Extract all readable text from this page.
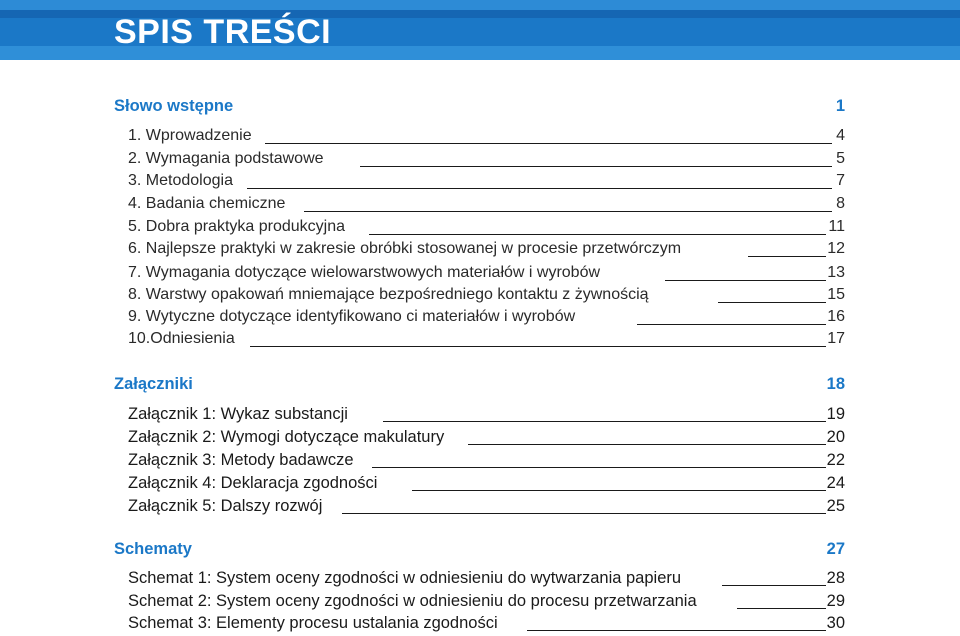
SPIS TREŚCI
Słowo wstępne	1
1. Wprowadzenie	4
2. Wymagania podstawowe	5
3. Metodologia	7
4. Badania chemiczne	8
5. Dobra praktyka produkcyjna	11
6. Najlepsze praktyki w zakresie obróbki stosowanej w procesie przetwórczym	12
7. Wymagania dotyczące wielowarstwowych materiałów i wyrobów	13
8. Warstwy opakowań mniemające bezpośredniego kontaktu z żywnością	15
9. Wytyczne dotyczące identyfikowano ci materiałów i wyrobów	16
10.Odniesienia	17
Załączniki	18
Załącznik 1: Wykaz substancji	19
Załącznik 2: Wymogi dotyczące makulatury	20
Załącznik 3: Metody badawcze	22
Załącznik 4: Deklaracja zgodności	24
Załącznik 5: Dalszy rozwój	25
Schematy	27
Schemat 1: System oceny zgodności w odniesieniu do wytwarzania papieru	28
Schemat 2: System oceny zgodności w odniesieniu do procesu przetwarzania	29
Schemat 3: Elementy procesu ustalania zgodności	30
